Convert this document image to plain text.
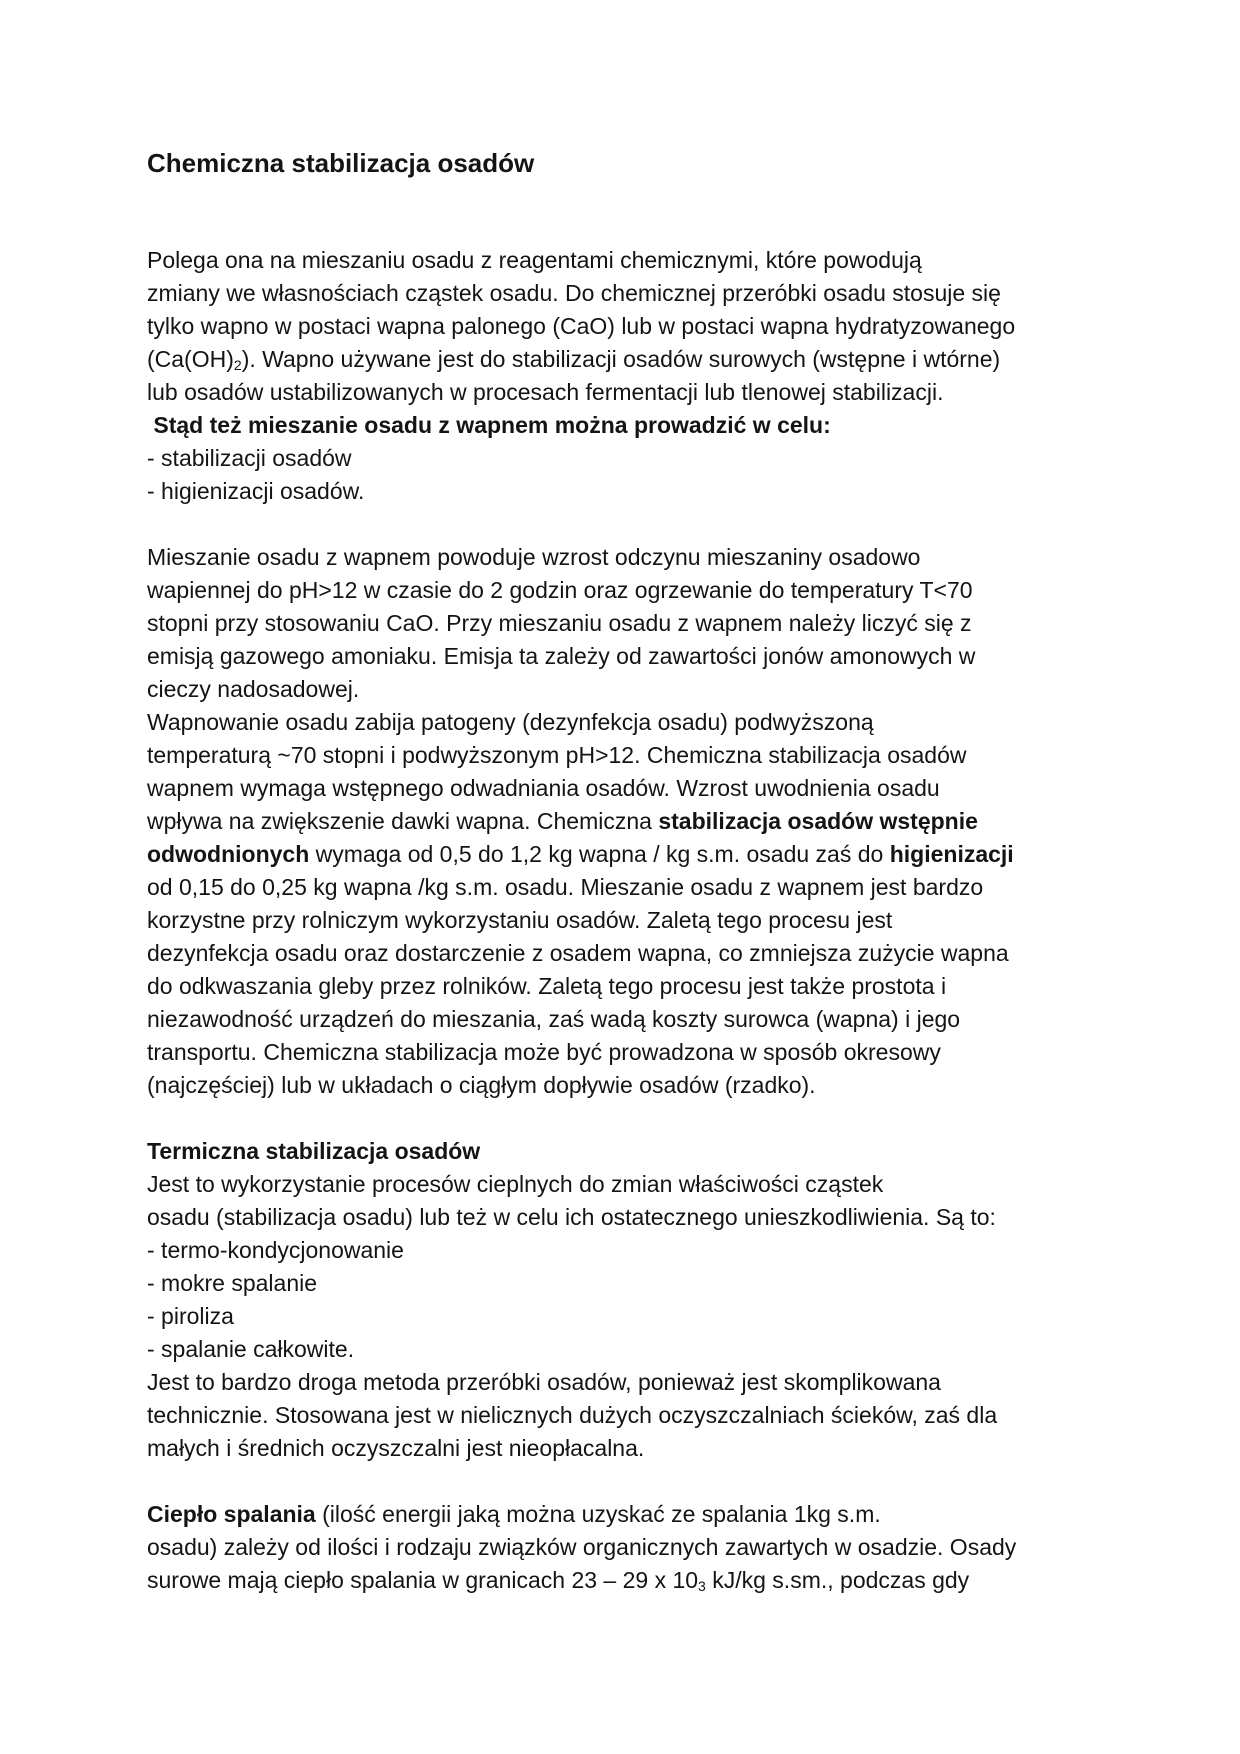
Chemiczna stabilizacja osadów
Polega ona na mieszaniu osadu z reagentami chemicznymi, które powodują
zmiany we własnościach cząstek osadu. Do chemicznej przeróbki osadu stosuje się
tylko wapno w postaci wapna palonego (CaO) lub w postaci wapna hydratyzowanego
$(Ca(OH)_2)$. Wapno używane jest do stabilizacji osadów surowych (wstępne i wtórne)
lub osadów ustabilizowanych w procesach fermentacji lub tlenowej stabilizacji.
Stąd też mieszanie osadu z wapnem można prowadzić w celu:
- stabilizacji osadów
- higienizacji osadów.
Mieszanie osadu z wapnem powoduje wzrost odczynu mieszaniny osadowo
wapiennej do pH>12 w czasie do 2 godzin oraz ogrzewanie do temperatury T<70
stopni przy stosowaniu CaO. Przy mieszaniu osadu z wapnem należy liczyć się z
emisją gazowego amoniaku. Emisja ta zależy od zawartości jonów amonowych w
cieczy nadosadowej.
Wapnowanie osadu zabija patogeny (dezynfekcja osadu) podwyższoną
temperaturą ~70 stopni i podwyższonym pH>12. Chemiczna stabilizacja osadów
wapnem wymaga wstępnego odwadniania osadów. Wzrost uwodnienia osadu
wpływa na zwiększenie dawki wapna. Chemiczna stabilizacja osadów wstępnie
odwodnionych wymaga od 0,5 do 1,2 kg wapna / kg s.m. osadu zaś do higienizacji
od 0,15 do 0,25 kg wapna /kg s.m. osadu. Mieszanie osadu z wapnem jest bardzo
korzystne przy rolniczym wykorzystaniu osadów. Zaletą tego procesu jest
dezynfekcja osadu oraz dostarczenie z osadem wapna, co zmniejsza zużycie wapna
do odkwaszania gleby przez rolników. Zaletą tego procesu jest także prostota i
niezawodność urządzeń do mieszania, zaś wadą koszty surowca (wapna) i jego
transportu. Chemiczna stabilizacja może być prowadzona w sposób okresowy
(najczęściej) lub w układach o ciągłym dopływie osadów (rzadko).
Termiczna stabilizacja osadów
Jest to wykorzystanie procesów cieplnych do zmian właściwości cząstek
osadu (stabilizacja osadu) lub też w celu ich ostatecznego unieszkodliwienia. Są to:
- termo-kondycjonowanie
- mokre spalanie
- piroliza
- spalanie całkowite.
Jest to bardzo droga metoda przeróbki osadów, ponieważ jest skomplikowana
technicznie. Stosowana jest w nielicznych dużych oczyszczalniach ścieków, zaś dla
małych i średnich oczyszczalni jest nieopłacalna.
Ciepło spalania (ilość energii jaką można uzyskać ze spalania 1kg s.m.
osadu) zależy od ilości i rodzaju związków organicznych zawartych w osadzie. Osady
surowe mają ciepło spalania w granicach 23 – 29 x $10^3$ kJ/kg s.sm., podczas gdy
